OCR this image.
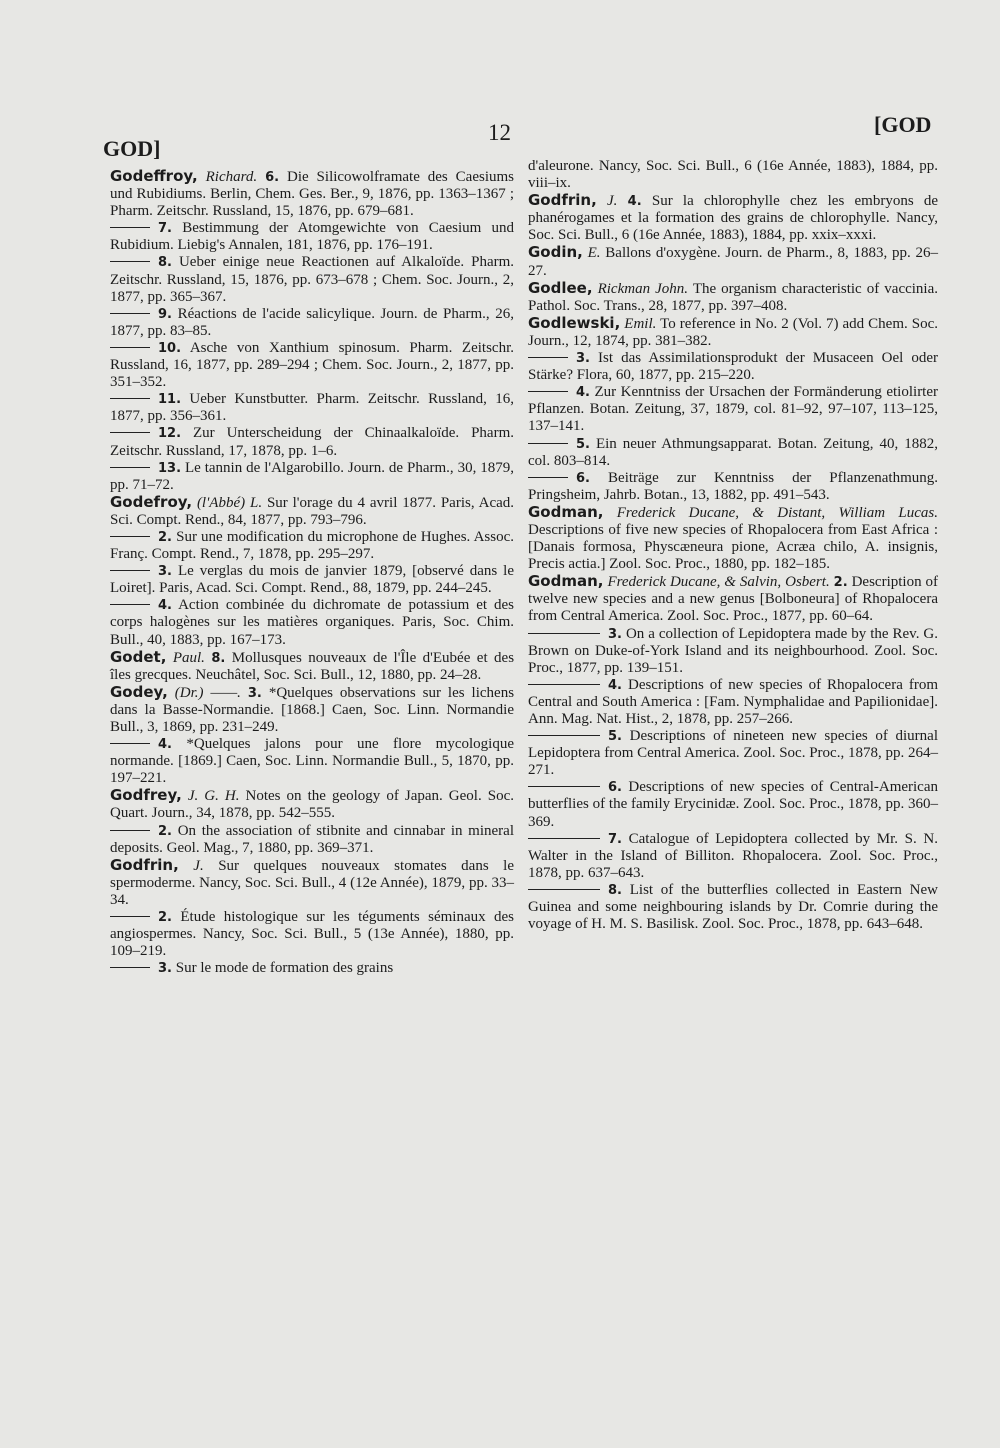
GOD]
12	[GOD

Godeffroy, Richard. 6. Die Silicowolframate des Caesiums und Rubidiums. Berlin, Chem. Ges. Ber., 9, 1876, pp. 1363–1367 ; Pharm. Zeitschr. Russland, 15, 1876, pp. 679–681.

7. Bestimmung der Atomgewichte von Caesium und Rubidium. Liebig's Annalen, 181, 1876, pp. 176–191.

8. Ueber einige neue Reactionen auf Alkaloïde. Pharm. Zeitschr. Russland, 15, 1876, pp. 673–678 ; Chem. Soc. Journ., 2, 1877, pp. 365–367.

9. Réactions de l'acide salicylique. Journ. de Pharm., 26, 1877, pp. 83–85.

10. Asche von Xanthium spinosum. Pharm. Zeitschr. Russland, 16, 1877, pp. 289–294 ; Chem. Soc. Journ., 2, 1877, pp. 351–352.

11. Ueber Kunstbutter. Pharm. Zeitschr. Russland, 16, 1877, pp. 356–361.

12. Zur Unterscheidung der Chinaalkaloïde. Pharm. Zeitschr. Russland, 17, 1878, pp. 1–6.

13. Le tannin de l'Algarobillo. Journ. de Pharm., 30, 1879, pp. 71–72.

Godefroy, (l'Abbé) L. Sur l'orage du 4 avril 1877. Paris, Acad. Sci. Compt. Rend., 84, 1877, pp. 793–796.

2. Sur une modification du microphone de Hughes. Assoc. Franç. Compt. Rend., 7, 1878, pp. 295–297.

3. Le verglas du mois de janvier 1879, [observé dans le Loiret]. Paris, Acad. Sci. Compt. Rend., 88, 1879, pp. 244–245.

4. Action combinée du dichromate de potassium et des corps halogènes sur les matières organiques. Paris, Soc. Chim. Bull., 40, 1883, pp. 167–173.

Godet, Paul. 8. Mollusques nouveaux de l'Île d'Eubée et des îles grecques. Neuchâtel, Soc. Sci. Bull., 12, 1880, pp. 24–28.

Godey, (Dr.) ——. 3. *Quelques observations sur les lichens dans la Basse-Normandie. [1868.] Caen, Soc. Linn. Normandie Bull., 3, 1869, pp. 231–249.

4. *Quelques jalons pour une flore mycologique normande. [1869.] Caen, Soc. Linn. Normandie Bull., 5, 1870, pp. 197–221.

Godfrey, J. G. H. Notes on the geology of Japan. Geol. Soc. Quart. Journ., 34, 1878, pp. 542–555.

2. On the association of stibnite and cinnabar in mineral deposits. Geol. Mag., 7, 1880, pp. 369–371.

Godfrin, J. Sur quelques nouveaux stomates dans le spermoderme. Nancy, Soc. Sci. Bull., 4 (12e Année), 1879, pp. 33–34.

2. Étude histologique sur les téguments séminaux des angiospermes. Nancy, Soc. Sci. Bull., 5 (13e Année), 1880, pp. 109–219.

3. Sur le mode de formation des grains

d'aleurone. Nancy, Soc. Sci. Bull., 6 (16e Année, 1883), 1884, pp. viii–ix.

Godfrin, J. 4. Sur la chlorophylle chez les embryons de phanérogames et la formation des grains de chlorophylle. Nancy, Soc. Sci. Bull., 6 (16e Année, 1883), 1884, pp. xxix–xxxi.

Godin, E. Ballons d'oxygène. Journ. de Pharm., 8, 1883, pp. 26–27.

Godlee, Rickman John. The organism characteristic of vaccinia. Pathol. Soc. Trans., 28, 1877, pp. 397–408.

Godlewski, Emil. To reference in No. 2 (Vol. 7) add Chem. Soc. Journ., 12, 1874, pp. 381–382.

3. Ist das Assimilationsprodukt der Musaceen Oel oder Stärke? Flora, 60, 1877, pp. 215–220.

4. Zur Kenntniss der Ursachen der Formänderung etiolirter Pflanzen. Botan. Zeitung, 37, 1879, col. 81–92, 97–107, 113–125, 137–141.

5. Ein neuer Athmungsapparat. Botan. Zeitung, 40, 1882, col. 803–814.

6. Beiträge zur Kenntniss der Pflanzenathmung. Pringsheim, Jahrb. Botan., 13, 1882, pp. 491–543.

Godman, Frederick Ducane, & Distant, William Lucas. Descriptions of five new species of Rhopalocera from East Africa : [Danais formosa, Physcæneura pione, Acræa chilo, A. insignis, Precis actia.] Zool. Soc. Proc., 1880, pp. 182–185.

Godman, Frederick Ducane, & Salvin, Osbert. 2. Description of twelve new species and a new genus [Bolboneura] of Rhopalocera from Central America. Zool. Soc. Proc., 1877, pp. 60–64.

3. On a collection of Lepidoptera made by the Rev. G. Brown on Duke-of-York Island and its neighbourhood. Zool. Soc. Proc., 1877, pp. 139–151.

4. Descriptions of new species of Rhopalocera from Central and South America : [Fam. Nymphalidae and Papilionidae]. Ann. Mag. Nat. Hist., 2, 1878, pp. 257–266.

5. Descriptions of nineteen new species of diurnal Lepidoptera from Central America. Zool. Soc. Proc., 1878, pp. 264–271.

6. Descriptions of new species of Central-American butterflies of the family Erycinidæ. Zool. Soc. Proc., 1878, pp. 360–369.

7. Catalogue of Lepidoptera collected by Mr. S. N. Walter in the Island of Billiton. Rhopalocera. Zool. Soc. Proc., 1878, pp. 637–643.

8. List of the butterflies collected in Eastern New Guinea and some neighbouring islands by Dr. Comrie during the voyage of H. M. S. Basilisk. Zool. Soc. Proc., 1878, pp. 643–648.
